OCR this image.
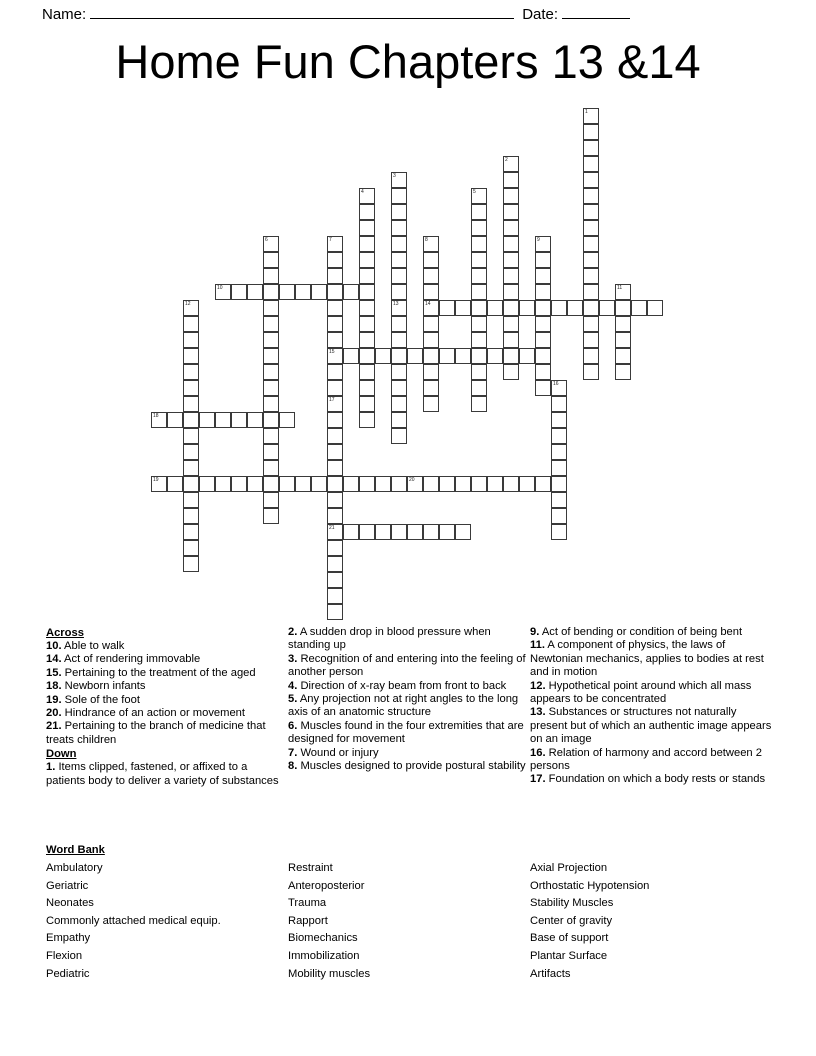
Name:	Date:
Home Fun Chapters 13 &14
1
2
3
13
4	5
6	7
15
17
8
14
9
10	11
12
16
21
18
19	20
Across
10. Able to walk
14. Act of rendering immovable
15. Pertaining to the treatment of the aged
18. Newborn infants
19. Sole of the foot
20. Hindrance of an action or movement
21. Pertaining to the branch of medicine that treats children
Down
1. Items clipped, fastened, or affixed to a patients body to deliver a variety of substances
2. A sudden drop in blood pressure when standing up
3. Recognition of and entering into the feeling of another person
4. Direction of x-ray beam from front to back
5. Any projection not at right angles to the long axis of an anatomic structure
6. Muscles found in the four extremities that are designed for movement
7. Wound or injury
8. Muscles designed to provide postural stability
9. Act of bending or condition of being bent
11. A component of physics, the laws of Newtonian mechanics, applies to bodies at rest and in motion
12. Hypothetical point around which all mass appears to be concentrated
13. Substances or structures not naturally present but of which an authentic image appears on an image
16. Relation of harmony and accord between 2 persons
17. Foundation on which a body rests or stands
Word Bank
Ambulatory
Geriatric
Neonates
Commonly attached medical equip.
Empathy
Flexion
Pediatric
Restraint
Anteroposterior
Trauma
Rapport
Biomechanics
Immobilization
Mobility muscles
Axial Projection
Orthostatic Hypotension
Stability Muscles
Center of gravity
Base of support
Plantar Surface
Artifacts
